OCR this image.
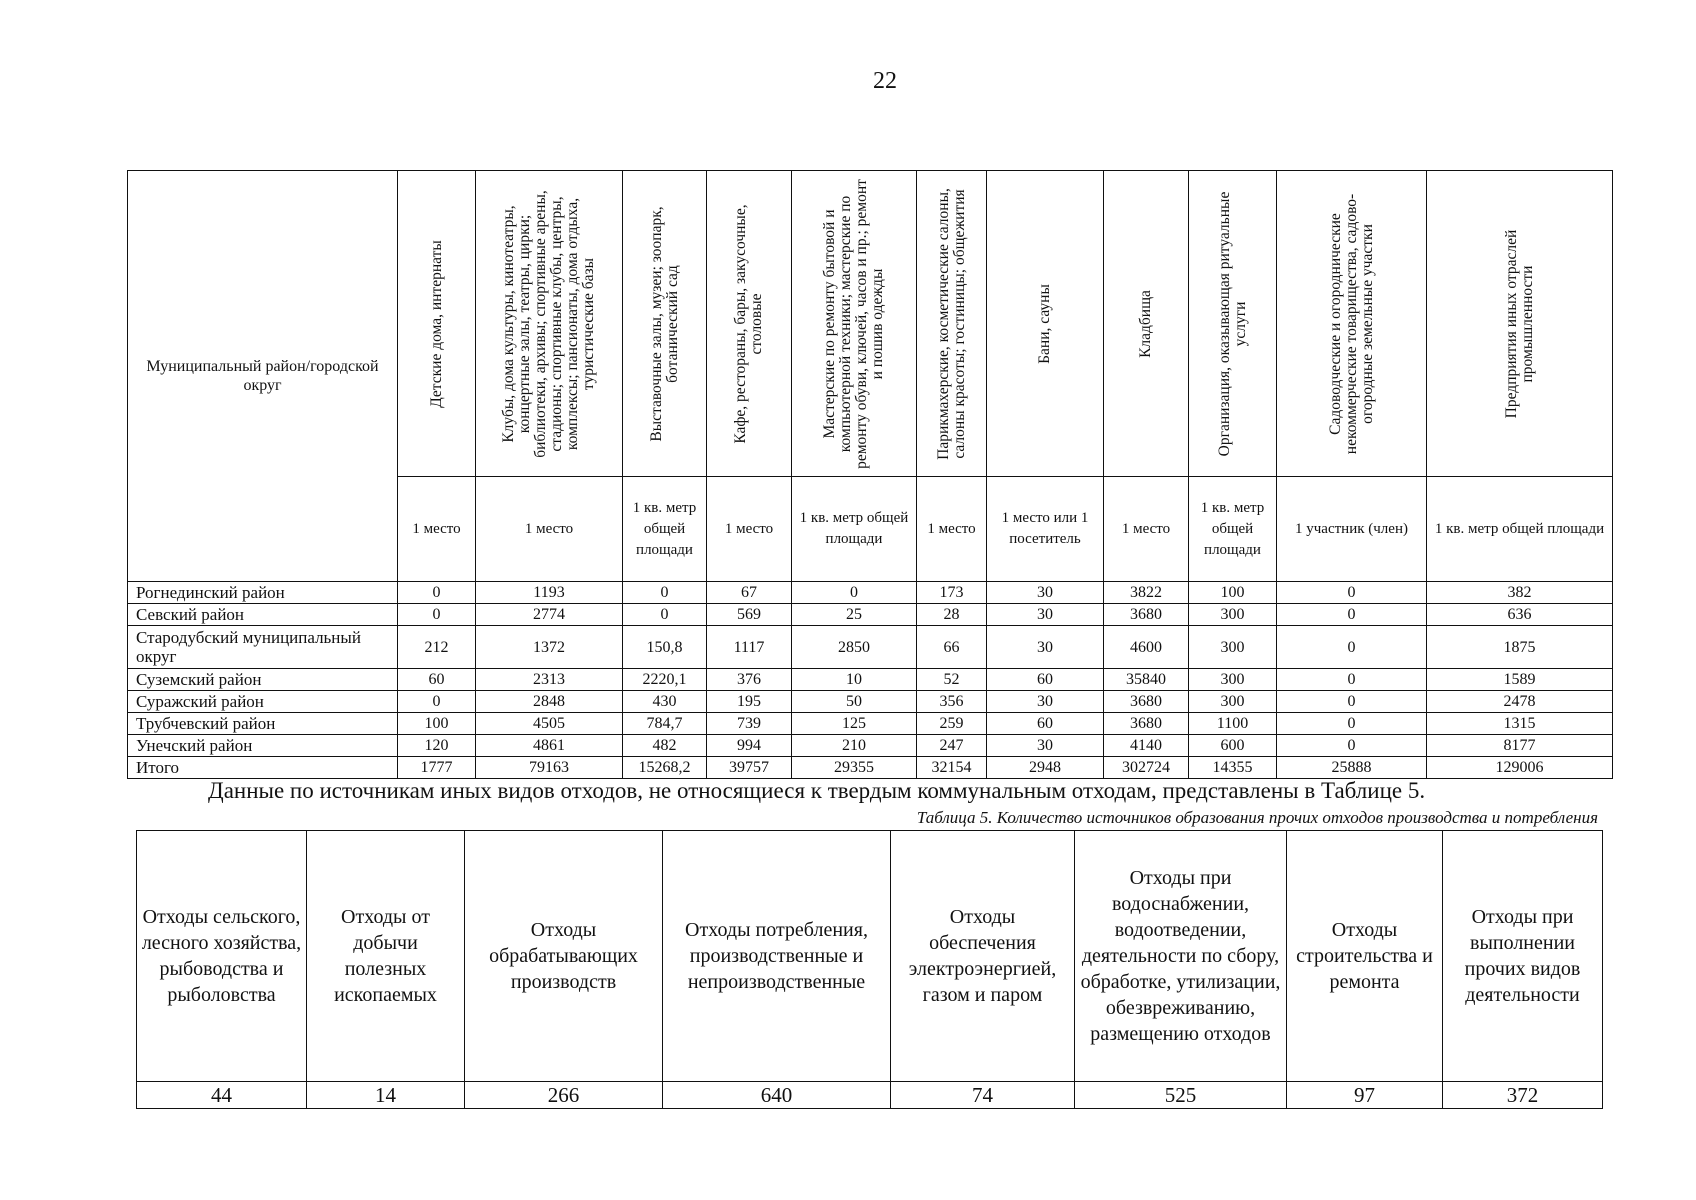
22
Муниципальный район/городской округ	Детские дома, интернаты	Клубы, дома культуры, кинотеатры, концертные залы, театры, цирки; библиотеки, архивы; спортивные арены, стадионы; спортивные клубы, центры, комплексы; пансионаты, дома отдыха, туристические базы	Выставочные залы, музеи; зоопарк, ботанический сад	Кафе, рестораны, бары, закусочные, столовые	Мастерские по ремонту бытовой и компьютерной техники; мастерские по ремонту обуви, ключей, часов и пр.; ремонт и пошив одежды	Парикмахерские, косметические салоны, салоны красоты; гостиницы; общежития	Бани, сауны	Кладбища	Организация, оказывающая ритуальные услуги	Садоводческие и огороднические некоммерческие товарищества, садово-огородные земельные участки	Предприятия иных отраслей промышленности

	1 место	1 место	1 кв. метр общей площади	1 место	1 кв. метр общей площади	1 место	1 место или 1 посетитель	1 место	1 кв. метр общей площади	1 участник (член)	1 кв. метр общей площади
Рогнединский район	0	1193	0	67	0	173	30	3822	100	0	382
Севский район	0	2774	0	569	25	28	30	3680	300	0	636
Стародубский муниципальный округ	212	1372	150,8	1117	2850	66	30	4600	300	0	1875
Суземский район	60	2313	2220,1	376	10	52	60	35840	300	0	1589
Суражский район	0	2848	430	195	50	356	30	3680	300	0	2478
Трубчевский район	100	4505	784,7	739	125	259	60	3680	1100	0	1315
Унечский район	120	4861	482	994	210	247	30	4140	600	0	8177
Итого	1777	79163	15268,2	39757	29355	32154	2948	302724	14355	25888	129006
Данные по источникам иных видов отходов, не относящиеся к твердым коммунальным отходам, представлены в Таблице 5.
Таблица 5. Количество источников образования прочих отходов производства и потребления
Отходы сельского, лесного хозяйства, рыбоводства и рыболовства	Отходы от добычи полезных ископаемых	Отходы обрабатывающих производств	Отходы потребления, производственные и непроизводственные	Отходы обеспечения электроэнергией, газом и паром	Отходы при водоснабжении, водоотведении, деятельности по сбору, обработке, утилизации, обезвреживанию, размещению отходов	Отходы строительства и ремонта	Отходы при выполнении прочих видов деятельности
44	14	266	640	74	525	97	372
